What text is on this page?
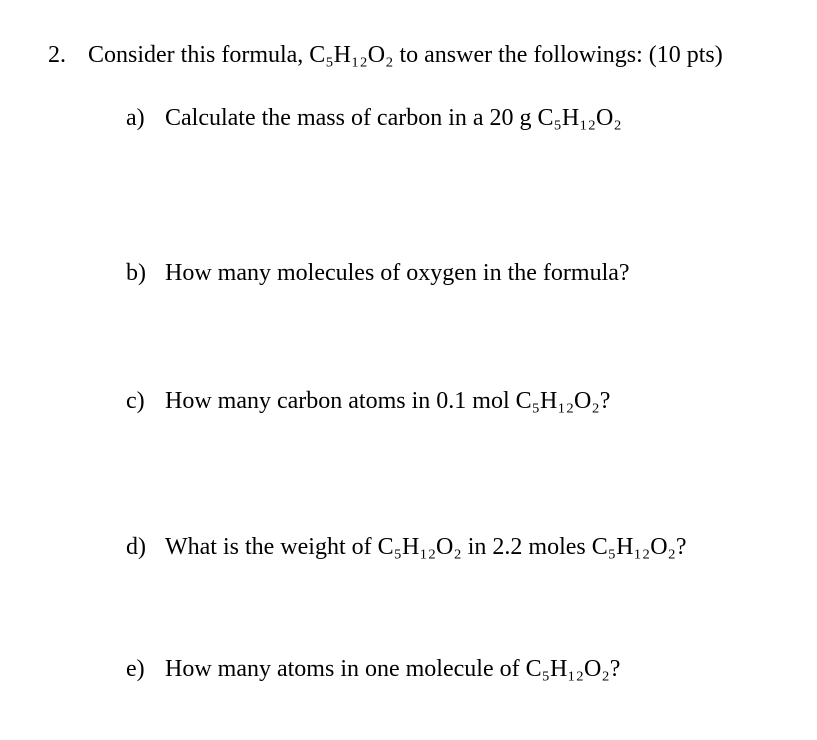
2. Consider this formula, C₅H₁₂O₂ to answer the followings: (10 pts)
a) Calculate the mass of carbon in a 20 g C₅H₁₂O₂
b) How many molecules of oxygen in the formula?
c) How many carbon atoms in 0.1 mol C₅H₁₂O₂?
d) What is the weight of C₅H₁₂O₂ in 2.2 moles C₅H₁₂O₂?
e) How many atoms in one molecule of C₅H₁₂O₂?
